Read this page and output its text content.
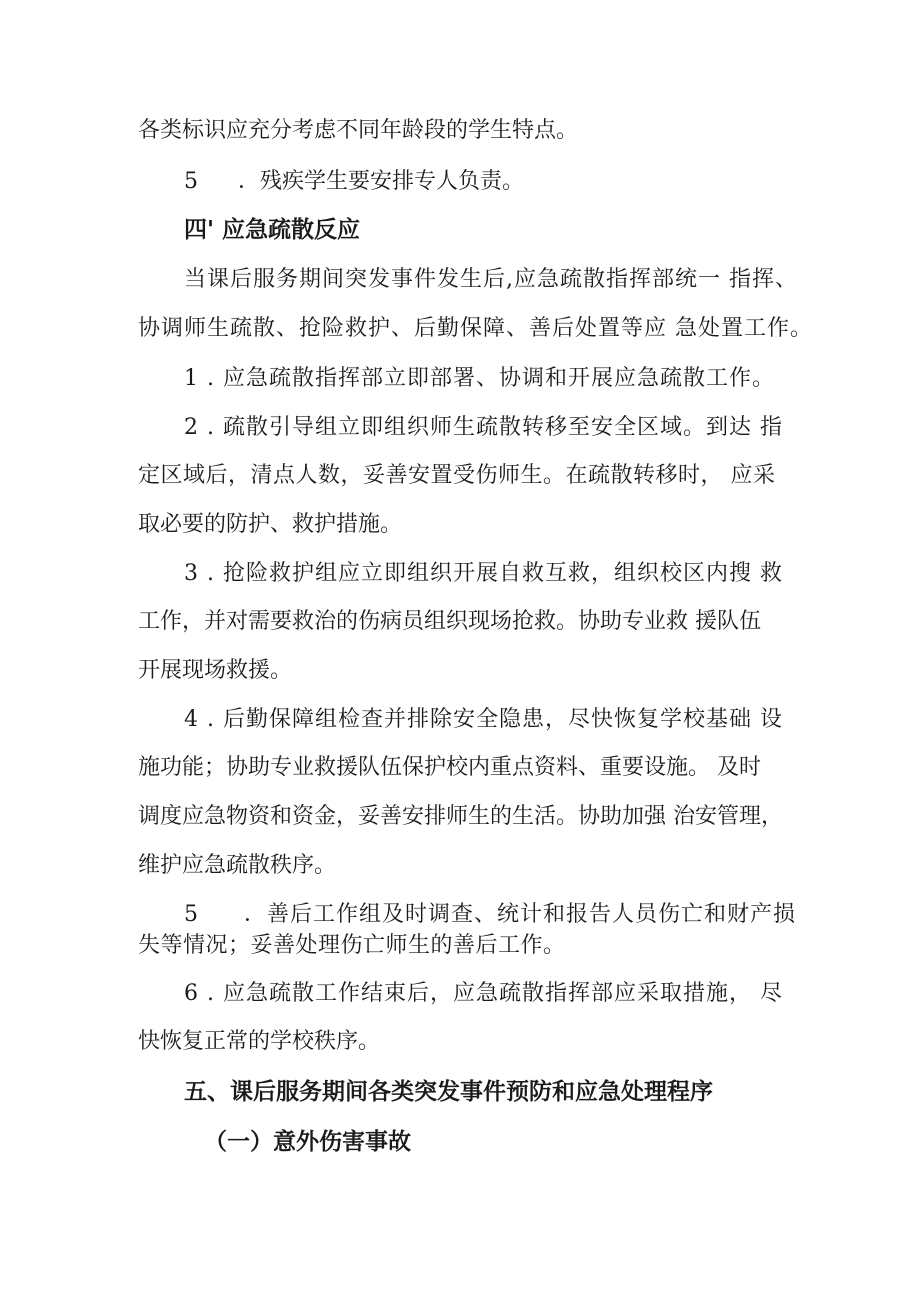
各类标识应充分考虑不同年龄段的学生特点。
5 ．残疾学生要安排专人负责。
四' 应急疏散反应
当课后服务期间突发事件发生后,应急疏散指挥部统一 指挥、
协调师生疏散、抢险救护、后勤保障、善后处置等应 急处置工作。
1 . 应急疏散指挥部立即部署、协调和开展应急疏散工作。
2 . 疏散引导组立即组织师生疏散转移至安全区域。到达 指
定区域后，清点人数，妥善安置受伤师生。在疏散转移时， 应采
取必要的防护、救护措施。
3 . 抢险救护组应立即组织开展自救互救，组织校区内搜 救
工作，并对需要救治的伤病员组织现场抢救。协助专业救 援队伍
开展现场救援。
4 . 后勤保障组检查并排除安全隐患，尽快恢复学校基础 设
施功能；协助专业救援队伍保护校内重点资料、重要设施。 及时
调度应急物资和资金，妥善安排师生的生活。协助加强 治安管理，
维护应急疏散秩序。
5 ．善后工作组及时调查、统计和报告人员伤亡和财产损
失等情况；妥善处理伤亡师生的善后工作。
6 . 应急疏散工作结束后，应急疏散指挥部应采取措施， 尽
快恢复正常的学校秩序。
五、课后服务期间各类突发事件预防和应急处理程序
（一）意外伤害事故
